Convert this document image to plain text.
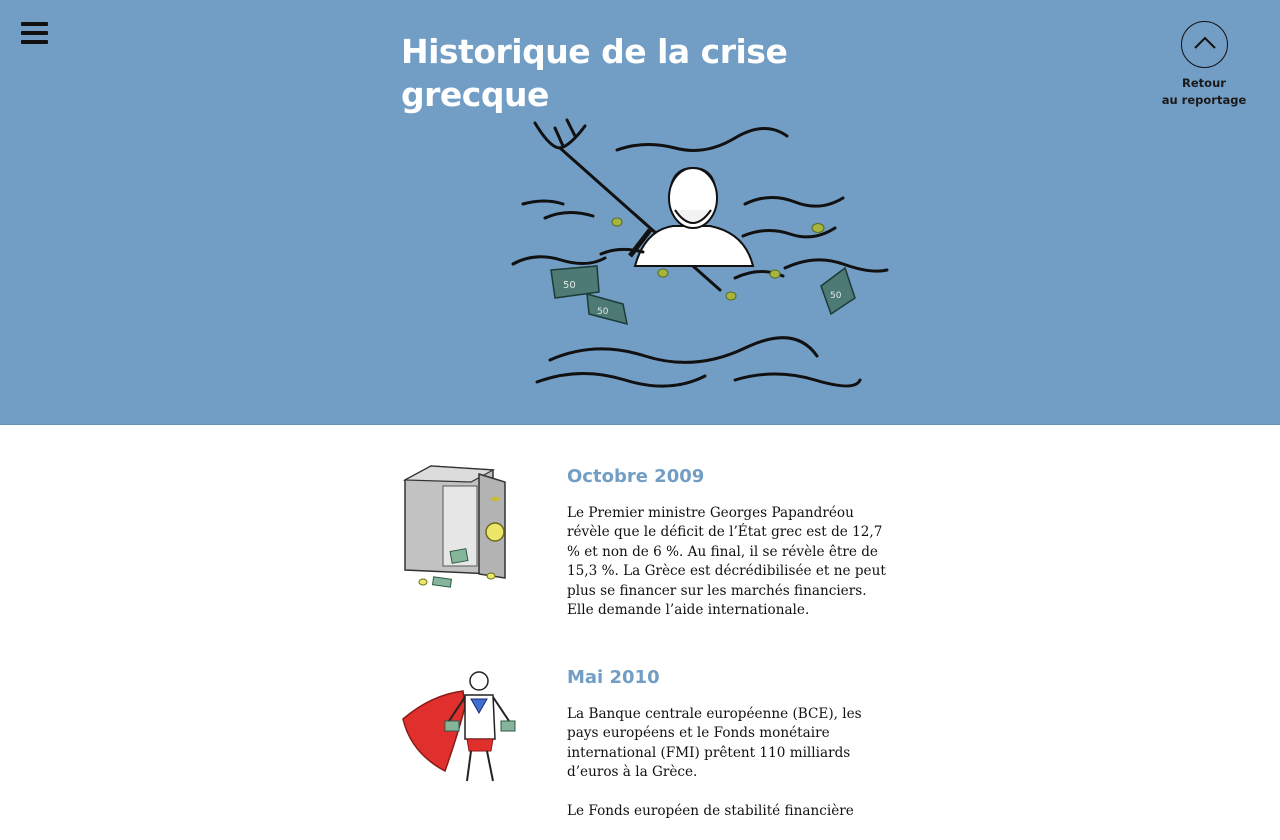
Historique de la crise grecque	Retour
au reportage
50
50
50
Octobre 2009

Le Premier ministre Georges Papandréou révèle que le déficit de l’État grec est de 12,7 % et non de 6 %. Au final, il se révèle être de 15,3 %. La Grèce est décrédibilisée et ne peut plus se financer sur les marchés financiers. Elle demande l’aide internationale.

Mai 2010

La Banque centrale européenne (BCE), les pays européens et le Fonds monétaire international (FMI) prêtent 110 milliards d’euros à la Grèce.

Le Fonds européen de stabilité financière
